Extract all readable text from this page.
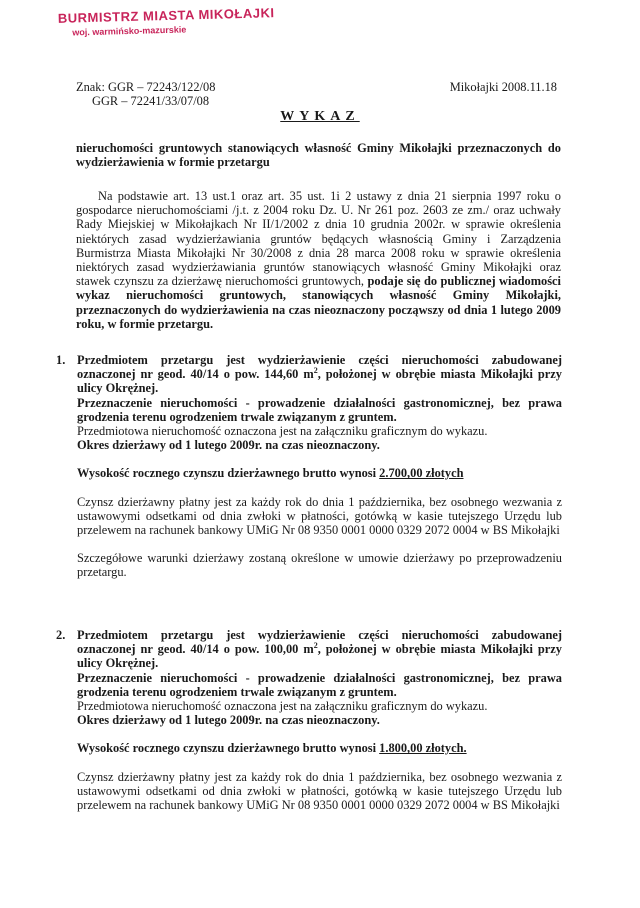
BURMISTRZ MIASTA MIKOŁAJKI
woj. warmińsko-mazurskie
Znak: GGR – 72243/122/08
GGR – 72241/33/07/08
Mikołajki 2008.11.18
WYKAZ

nieruchomości gruntowych stanowiących własność Gminy Mikołajki przeznaczonych do wydzierżawienia w formie przetargu

Na podstawie art. 13 ust.1 oraz art. 35 ust. 1i 2 ustawy z dnia 21 sierpnia 1997 roku o gospodarce nieruchomościami /j.t. z 2004 roku Dz. U. Nr 261 poz. 2603 ze zm./ oraz uchwały Rady Miejskiej w Mikołajkach Nr II/1/2002 z dnia 10 grudnia 2002r. w sprawie określenia niektórych zasad wydzierżawiania gruntów będących własnością Gminy i Zarządzenia Burmistrza Miasta Mikołajki Nr 30/2008 z dnia 28 marca 2008 roku w sprawie określenia niektórych zasad wydzierżawiania gruntów stanowiących własność Gminy Mikołajki oraz stawek czynszu za dzierżawę nieruchomości gruntowych, podaje się do publicznej wiadomości wykaz nieruchomości gruntowych, stanowiących własność Gminy Mikołajki, przeznaczonych do wydzierżawienia na czas nieoznaczony począwszy od dnia 1 lutego 2009 roku, w formie przetargu.

1. Przedmiotem przetargu jest wydzierżawienie części nieruchomości zabudowanej oznaczonej nr geod. 40/14 o pow. 144,60 $m^2$, położonej w obrębie miasta Mikołajki przy ulicy Okrężnej.

Przeznaczenie nieruchomości - prowadzenie działalności gastronomicznej, bez prawa grodzenia terenu ogrodzeniem trwale związanym z gruntem.

Przedmiotowa nieruchomość oznaczona jest na załączniku graficznym do wykazu.

Okres dzierżawy od 1 lutego 2009r. na czas nieoznaczony.

Wysokość rocznego czynszu dzierżawnego brutto wynosi 2.700,00 złotych

Czynsz dzierżawny płatny jest za każdy rok do dnia 1 października, bez osobnego wezwania z ustawowymi odsetkami od dnia zwłoki w płatności, gotówką w kasie tutejszego Urzędu lub przelewem na rachunek bankowy UMiG Nr 08 9350 0001 0000 0329 2072 0004 w BS Mikołajki

Szczegółowe warunki dzierżawy zostaną określone w umowie dzierżawy po przeprowadzeniu przetargu.

2. Przedmiotem przetargu jest wydzierżawienie części nieruchomości zabudowanej oznaczonej nr geod. 40/14 o pow. 100,00 $m^2$, położonej w obrębie miasta Mikołajki przy ulicy Okrężnej.

Przeznaczenie nieruchomości - prowadzenie działalności gastronomicznej, bez prawa grodzenia terenu ogrodzeniem trwale związanym z gruntem.

Przedmiotowa nieruchomość oznaczona jest na załączniku graficznym do wykazu.

Okres dzierżawy od 1 lutego 2009r. na czas nieoznaczony.

Wysokość rocznego czynszu dzierżawnego brutto wynosi 1.800,00 złotych.

Czynsz dzierżawny płatny jest za każdy rok do dnia 1 października, bez osobnego wezwania z ustawowymi odsetkami od dnia zwłoki w płatności, gotówką w kasie tutejszego Urzędu lub przelewem na rachunek bankowy UMiG Nr 08 9350 0001 0000 0329 2072 0004 w BS Mikołajki
